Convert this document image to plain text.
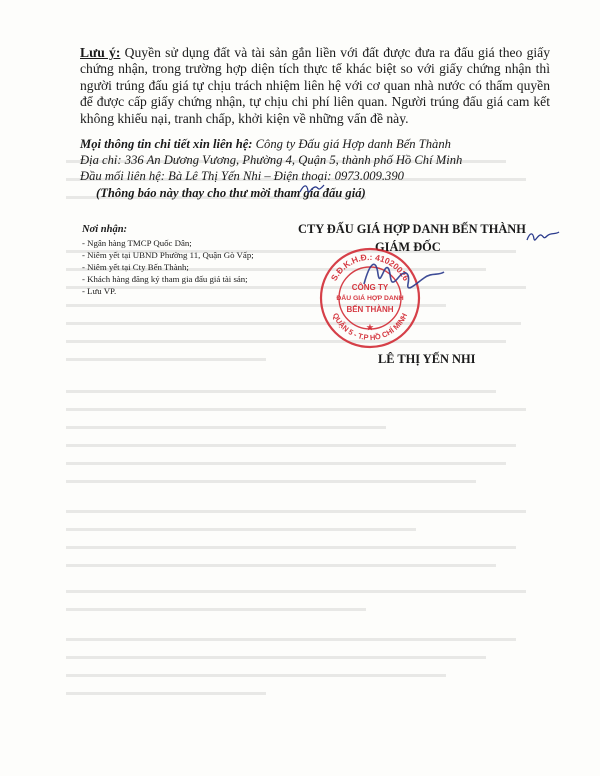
Lưu ý: Quyền sử dụng đất và tài sản gắn liền với đất được đưa ra đấu giá theo giấy chứng nhận, trong trường hợp diện tích thực tế khác biệt so với giấy chứng nhận thì người trúng đấu giá tự chịu trách nhiệm liên hệ với cơ quan nhà nước có thẩm quyền để được cấp giấy chứng nhận, tự chịu chi phí liên quan. Người trúng đấu giá cam kết không khiếu nại, tranh chấp, khởi kiện về những vấn đề này.
Mọi thông tin chi tiết xin liên hệ: Công ty Đấu giá Hợp danh Bến Thành
Địa chỉ: 336 An Dương Vương, Phường 4, Quận 5, thành phố Hồ Chí Minh
Đầu mối liên hệ: Bà Lê Thị Yến Nhi – Điện thoại: 0973.009.390
(Thông báo này thay cho thư mời tham gia đấu giá)
Nơi nhận:
- Ngân hàng TMCP Quốc Dân;
- Niêm yết tại UBND Phường 11, Quận Gò Vấp;
- Niêm yết tại Cty Bến Thành;
- Khách hàng đăng ký tham gia đấu giá tài sản;
- Lưu VP.
CTY ĐẤU GIÁ HỢP DANH BẾN THÀNH
GIÁM ĐỐC
S.Đ.K.H.Đ.: 41020026
QUẬN 5 - T.P HỒ CHÍ MINH
CÔNG TY
ĐẤU GIÁ HỢP DANH
BẾN THÀNH
★
LÊ THỊ YẾN NHI
